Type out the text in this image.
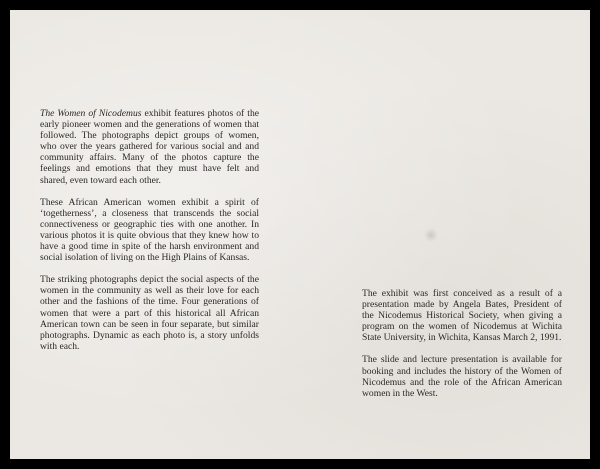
The Women of Nicodemus exhibit features photos of the early pioneer women and the generations of women that followed. The photographs depict groups of women, who over the years gathered for various social and and community affairs. Many of the photos capture the feelings and emotions that they must have felt and shared, even toward each other.

These African American women exhibit a spirit of ‘togetherness’, a closeness that transcends the social connectiveness or geographic ties with one another. In various photos it is quite obvious that they knew how to have a good time in spite of the harsh environment and social isolation of living on the High Plains of Kansas.

The striking photographs depict the social aspects of the women in the community as well as their love for each other and the fashions of the time. Four generations of women that were a part of this historical all African American town can be seen in four separate, but similar photographs. Dynamic as each photo is, a story unfolds with each.

The exhibit was first conceived as a result of a presentation made by Angela Bates, President of the Nicodemus Historical Society, when giving a program on the women of Nicodemus at Wichita State University, in Wichita, Kansas March 2, 1991.

The slide and lecture presentation is available for booking and includes the history of the Women of Nicodemus and the role of the African American women in the West.
